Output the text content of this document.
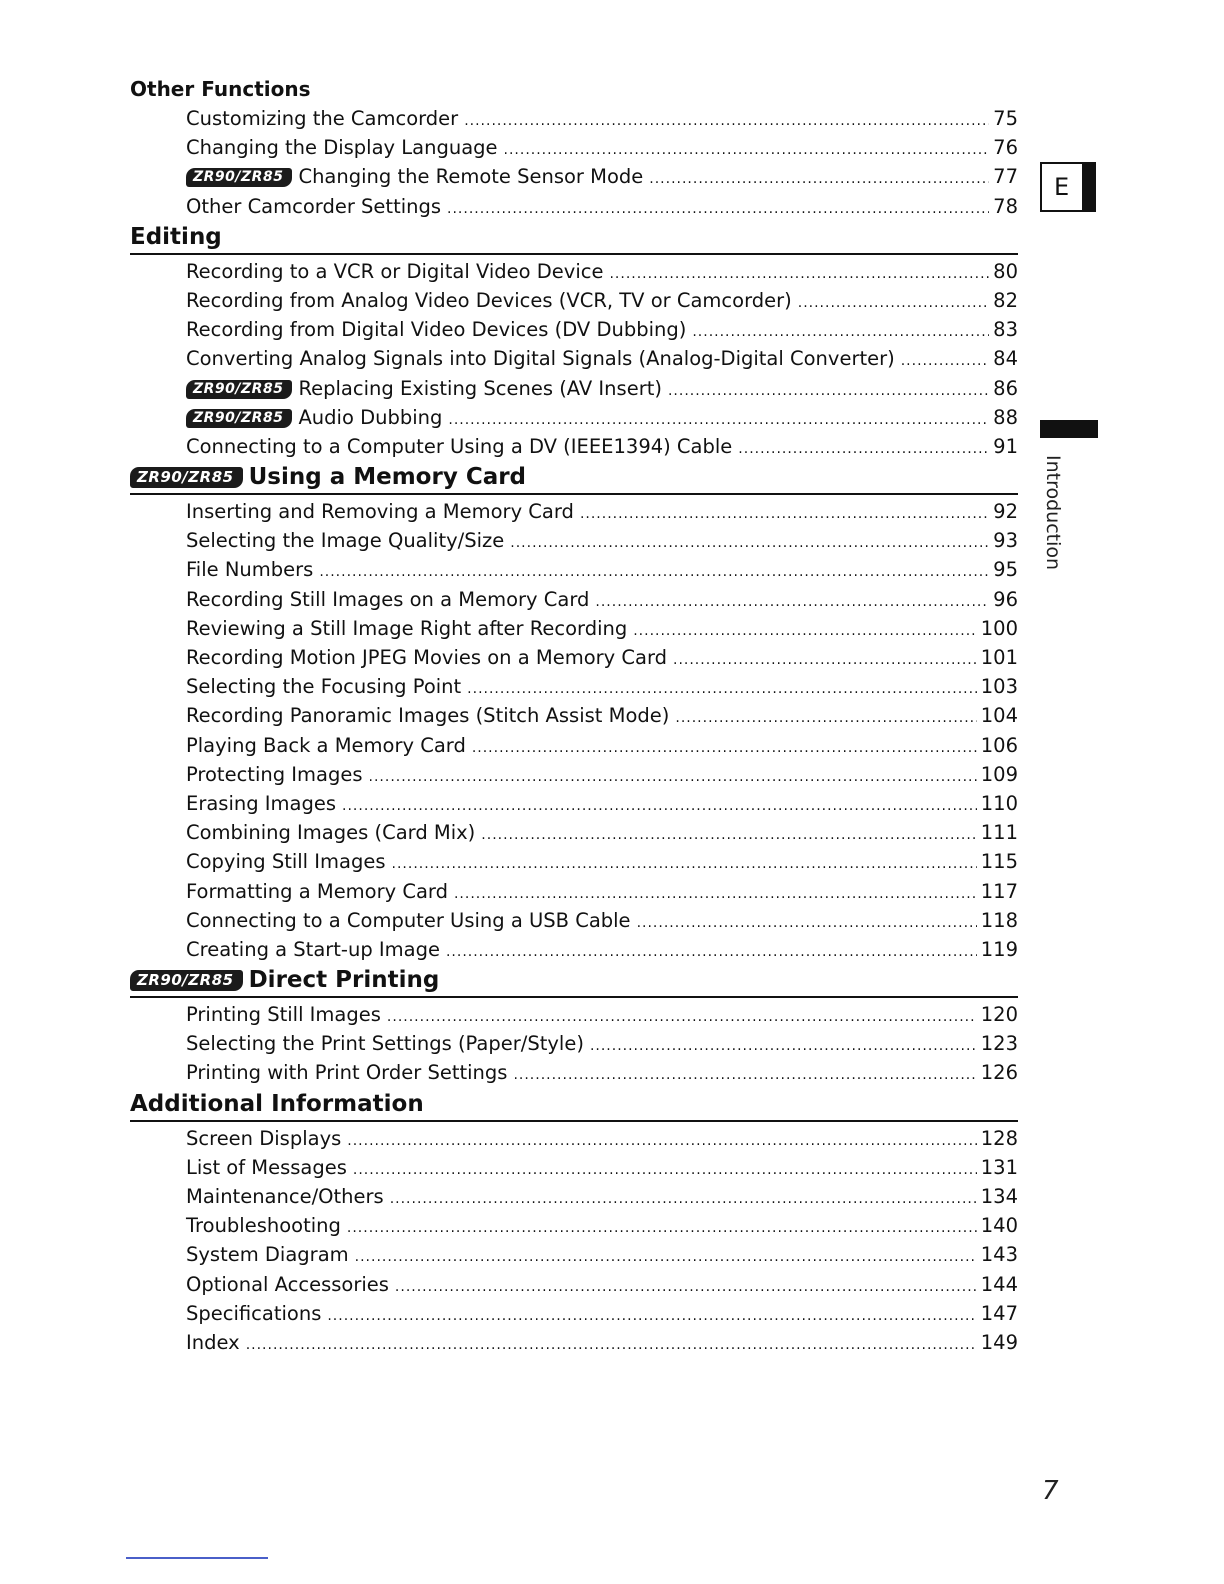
Other Functions
Customizing the Camcorder .....	75
Changing the Display Language .....	76
ZR90/ZR85 Changing the Remote Sensor Mode .....	77
Other Camcorder Settings .....	78
Editing
Recording to a VCR or Digital Video Device .....	80
Recording from Analog Video Devices (VCR, TV or Camcorder) .....	82
Recording from Digital Video Devices (DV Dubbing) .....	83
Converting Analog Signals into Digital Signals (Analog-Digital Converter) .....	84
ZR90/ZR85 Replacing Existing Scenes (AV Insert) .....	86
ZR90/ZR85 Audio Dubbing .....	88
Connecting to a Computer Using a DV (IEEE1394) Cable .....	91
ZR90/ZR85 Using a Memory Card
Inserting and Removing a Memory Card .....	92
Selecting the Image Quality/Size .....	93
File Numbers .....	95
Recording Still Images on a Memory Card .....	96
Reviewing a Still Image Right after Recording .....	100
Recording Motion JPEG Movies on a Memory Card .....	101
Selecting the Focusing Point .....	103
Recording Panoramic Images (Stitch Assist Mode) .....	104
Playing Back a Memory Card .....	106
Protecting Images .....	109
Erasing Images .....	110
Combining Images (Card Mix) .....	111
Copying Still Images .....	115
Formatting a Memory Card .....	117
Connecting to a Computer Using a USB Cable .....	118
Creating a Start-up Image .....	119
ZR90/ZR85 Direct Printing
Printing Still Images .....	120
Selecting the Print Settings (Paper/Style) .....	123
Printing with Print Order Settings .....	126
Additional Information
Screen Displays .....	128
List of Messages .....	131
Maintenance/Others .....	134
Troubleshooting .....	140
System Diagram .....	143
Optional Accessories .....	144
Specifications .....	147
Index .....	149
E
Introduction
7
